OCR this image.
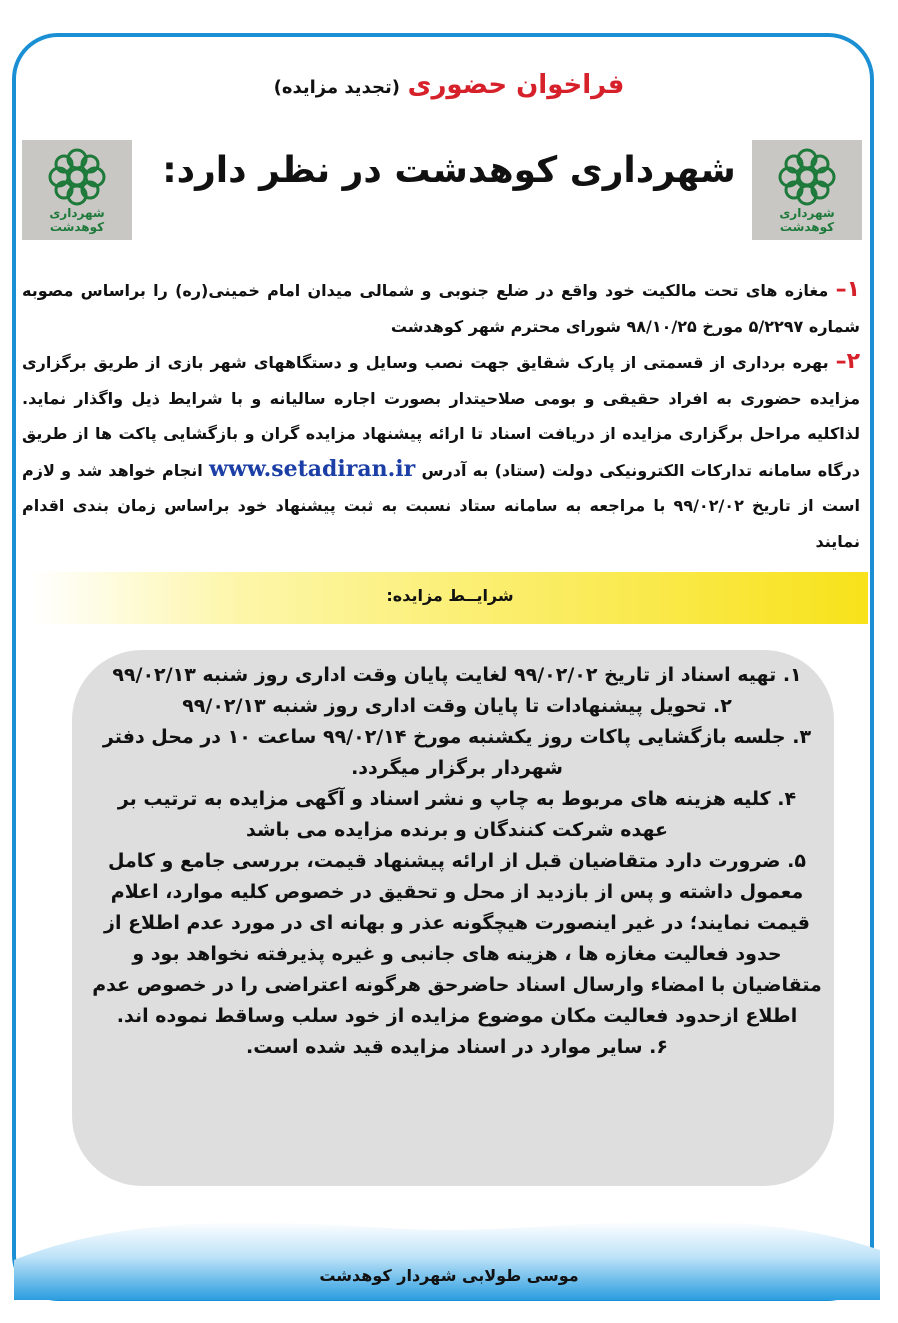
فراخوان حضوری (تجدید مزایده)
شهرداری کوهدشت
شهرداری کوهدشت
شهرداری کوهدشت در نظر دارد:
۱– مغازه های تحت مالکیت خود واقع در ضلع جنوبی و شمالی میدان امام خمینی(ره) را براساس مصوبه شماره ۵/۲۲۹۷ مورخ ۹۸/۱۰/۲۵ شورای محترم شهر کوهدشت
۲– بهره برداری از قسمتی از پارک شقایق جهت نصب وسایل و دستگاههای شهر بازی از طریق برگزاری مزایده حضوری به افراد حقیقی و بومی صلاحیتدار بصورت اجاره سالیانه و با شرایط ذیل واگذار نماید. لذاکلیه مراحل برگزاری مزایده از دریافت اسناد تا ارائه پیشنهاد مزایده گران و بازگشایی پاکت ها از طریق درگاه سامانه تدارکات الکترونیکی دولت (ستاد) به آدرس www.setadiran.ir انجام خواهد شد و لازم است از تاریخ ۹۹/۰۲/۰۲ با مراجعه به سامانه ستاد نسبت به ثبت پیشنهاد خود براساس زمان بندی اقدام نمایند
شرایــط مزایده:
۱. تهیه اسناد از تاریخ ۹۹/۰۲/۰۲ لغایت پایان وقت اداری روز شنبه ۹۹/۰۲/۱۳
۲. تحویل پیشنهادات تا پایان وقت اداری روز شنبه ۹۹/۰۲/۱۳
۳. جلسه بازگشایی پاکات روز یکشنبه مورخ ۹۹/۰۲/۱۴ ساعت ۱۰ در محل دفتر شهردار برگزار میگردد.
۴. کلیه هزینه های مربوط به چاپ و نشر اسناد و آگهی مزایده به ترتیب بر عهده شرکت کنندگان و برنده مزایده می باشد
۵. ضرورت دارد متقاضیان قبل از ارائه پیشنهاد قیمت، بررسی جامع و کامل معمول داشته و پس از بازدید از محل و تحقیق در خصوص کلیه موارد، اعلام قیمت نمایند؛ در غیر اینصورت هیچگونه عذر و بهانه ای در مورد عدم اطلاع از حدود فعالیت مغازه ها ، هزینه های جانبی و غیره پذیرفته نخواهد بود و متقاضیان با امضاء وارسال اسناد حاضرحق هرگونه اعتراضی را در خصوص عدم اطلاع ازحدود فعالیت مکان موضوع مزایده از خود سلب وساقط نموده اند.
۶. سایر موارد در اسناد مزایده قید شده است.
موسی طولابی شهردار کوهدشت
